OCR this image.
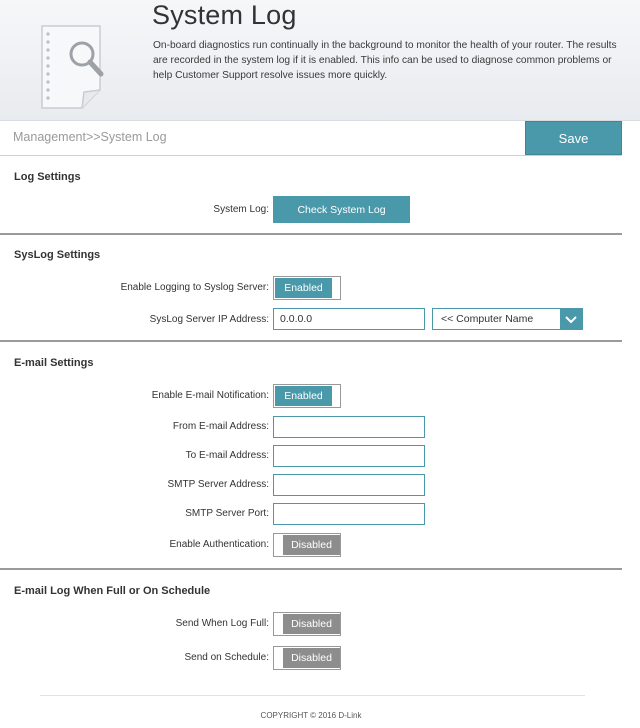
System Log

On-board diagnostics run continually in the background to monitor the health of your router. The results are recorded in the system log if it is enabled. This info can be used to diagnose common problems or help Customer Support resolve issues more quickly.

Management>>System Log	Save
Log Settings
System Log:	Check System Log
SysLog Settings
Enable Logging to Syslog Server:	Enabled
SysLog Server IP Address:	0.0.0.0	<< Computer Name
E-mail Settings
Enable E-mail Notification:	Enabled
From E-mail Address:
To E-mail Address:
SMTP Server Address:
SMTP Server Port:
Enable Authentication:	Disabled
E-mail Log When Full or On Schedule
Send When Log Full:	Disabled
Send on Schedule:	Disabled
COPYRIGHT © 2016 D-Link
